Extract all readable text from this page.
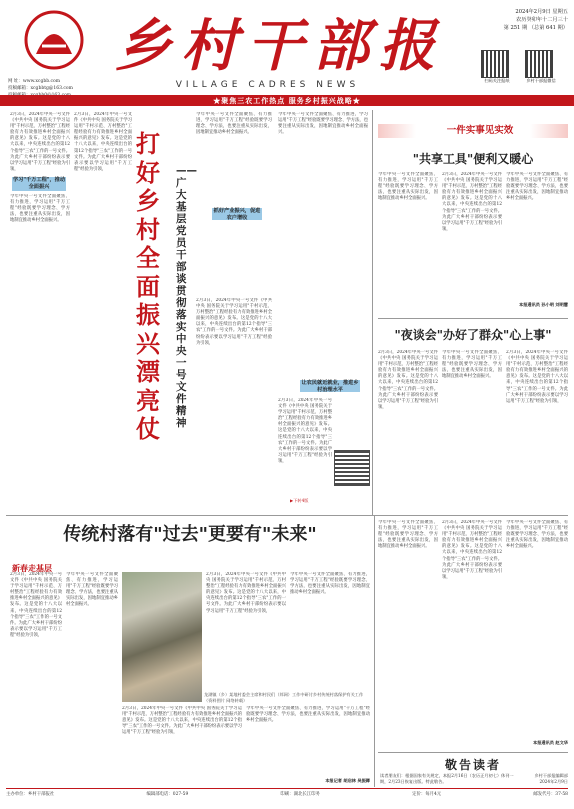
网 址：www.xcgbb.com
投稿邮箱：xcgbbtg@163.com
乡村干部报
VILLAGE CADRES NEWS
2024年2月9日 星期五
农历癸卯年十二月三十
第 251 期 （总第 641 期）
扫码关注报纸	乡村干部报微信
★聚焦三农工作热点 服务乡村振兴战略★
2月3日，2024年中央一号文件《中共中央 国务院关于学习运用"千村示范、万村整治"工程经验有力有效推进乡村全面振兴的意见》发布。这是党的十八大以来，中央连续出台的第12个指导"三农"工作的一号文件。为此广大乡村干部纷纷表示要以学习运用"千万工程"经验为引领，
学习"千万工程"，推动全面振兴
今年中央一号文件全面聚焦、有力推进，学习运用"千万工程"经验既要学习理念、学方法，也要注重从实际出发，因地制宜推动乡村全面振兴。
2月3日，2024年中央一号文件《中共中央 国务院关于学习运用"千村示范、万村整治"工程经验有力有效推进乡村全面振兴的意见》发布。这是党的十八大以来，中央连续出台的第12个指导"三农"工作的一号文件。为此广大乡村干部纷纷表示要以学习运用"千万工程"经验为引领，
打好乡村全面振兴漂亮仗
——广大基层党员干部谈贯彻落实中央一号文件精神
今年中央一号文件全面聚焦、有力推进，学习运用"千万工程"经验既要学习理念、学方法，也要注重从实际出发，因地制宜推动乡村全面振兴。
抓好产业振兴，促进农户增收
2月3日，2024年中央一号文件《中共中央 国务院关于学习运用"千村示范、万村整治"工程经验有力有效推进乡村全面振兴的意见》发布。这是党的十八大以来，中央连续出台的第12个指导"三农"工作的一号文件。为此广大乡村干部纷纷表示要以学习运用"千万工程"经验为引领，
今年中央一号文件全面聚焦、有力推进，学习运用"千万工程"经验既要学习理念、学方法，也要注重从实际出发，因地制宜推动乡村全面振兴。
让农民就近就业，推进乡村治理水平
2月3日，2024年中央一号文件《中共中央 国务院关于学习运用"千村示范、万村整治"工程经验有力有效推进乡村全面振兴的意见》发布。这是党的十八大以来，中央连续出台的第12个指导"三农"工作的一号文件。为此广大乡村干部纷纷表示要以学习运用"千万工程"经验为引领，
▶下转4版
一件实事见实效
"共享工具"便利又暖心
今年中央一号文件全面聚焦、有力推进，学习运用"千万工程"经验既要学习理念、学方法，也要注重从实际出发，因地制宜推动乡村全面振兴。
2月3日，2024年中央一号文件《中共中央 国务院关于学习运用"千村示范、万村整治"工程经验有力有效推进乡村全面振兴的意见》发布。这是党的十八大以来，中央连续出台的第12个指导"三农"工作的一号文件。为此广大乡村干部纷纷表示要以学习运用"千万工程"经验为引领，
今年中央一号文件全面聚焦、有力推进，学习运用"千万工程"经验既要学习理念、学方法，也要注重从实际出发，因地制宜推动乡村全面振兴。
本报通讯员 孙小明 刘明慧
"夜谈会"办好了群众"心上事"
2月3日，2024年中央一号文件《中共中央 国务院关于学习运用"千村示范、万村整治"工程经验有力有效推进乡村全面振兴的意见》发布。这是党的十八大以来，中央连续出台的第12个指导"三农"工作的一号文件。为此广大乡村干部纷纷表示要以学习运用"千万工程"经验为引领，
今年中央一号文件全面聚焦、有力推进，学习运用"千万工程"经验既要学习理念、学方法，也要注重从实际出发，因地制宜推动乡村全面振兴。
2月3日，2024年中央一号文件《中共中央 国务院关于学习运用"千村示范、万村整治"工程经验有力有效推进乡村全面振兴的意见》发布。这是党的十八大以来，中央连续出台的第12个指导"三农"工作的一号文件。为此广大乡村干部纷纷表示要以学习运用"千万工程"经验为引领，
今年中央一号文件全面聚焦、有力推进，学习运用"千万工程"经验既要学习理念、学方法，也要注重从实际出发，因地制宜推动乡村全面振兴。
2月3日，2024年中央一号文件《中共中央 国务院关于学习运用"千村示范、万村整治"工程经验有力有效推进乡村全面振兴的意见》发布。这是党的十八大以来，中央连续出台的第12个指导"三农"工作的一号文件。为此广大乡村干部纷纷表示要以学习运用"千万工程"经验为引领，
今年中央一号文件全面聚焦、有力推进，学习运用"千万工程"经验既要学习理念、学方法，也要注重从实际出发，因地制宜推动乡村全面振兴。
本报通讯员 赵文华
传统村落有"过去"更要有"未来"
新春走基层
2月3日，2024年中央一号文件《中共中央 国务院关于学习运用"千村示范、万村整治"工程经验有力有效推进乡村全面振兴的意见》发布。这是党的十八大以来，中央连续出台的第12个指导"三农"工作的一号文件。为此广大乡村干部纷纷表示要以学习运用"千万工程"经验为引领，
今年中央一号文件全面聚焦、有力推进，学习运用"千万工程"经验既要学习理念、学方法，也要注重从实际出发，因地制宜推动乡村全面振兴。
龙湖镇（乡）某地村委会主席和村民们（邦网）工作中研讨乡村传统村落保护有关工作（资料图片 网络转载）
2月3日，2024年中央一号文件《中共中央 国务院关于学习运用"千村示范、万村整治"工程经验有力有效推进乡村全面振兴的意见》发布。这是党的十八大以来，中央连续出台的第12个指导"三农"工作的一号文件。为此广大乡村干部纷纷表示要以学习运用"千万工程"经验为引领，
今年中央一号文件全面聚焦、有力推进，学习运用"千万工程"经验既要学习理念、学方法，也要注重从实际出发，因地制宜推动乡村全面振兴。
2月3日，2024年中央一号文件《中共中央 国务院关于学习运用"千村示范、万村整治"工程经验有力有效推进乡村全面振兴的意见》发布。这是党的十八大以来，中央连续出台的第12个指导"三农"工作的一号文件。为此广大乡村干部纷纷表示要以学习运用"千万工程"经验为引领，
今年中央一号文件全面聚焦、有力推进，学习运用"千万工程"经验既要学习理念、学方法，也要注重从实际出发，因地制宜推动乡村全面振兴。
本报记者 胡启林 吴振卿
敬告读者
读者朋友们：根据国家有关规定，本报2月16日（农历正月初七）休刊一期，2月23日恢复出版。特此敬告。
乡村干部报编辑部
2024年2月9日
主办单位：乡村干部报社	编辑部电话：027-59	印刷：湖北长江印务	定价：每月4元	邮发代号：37-58
